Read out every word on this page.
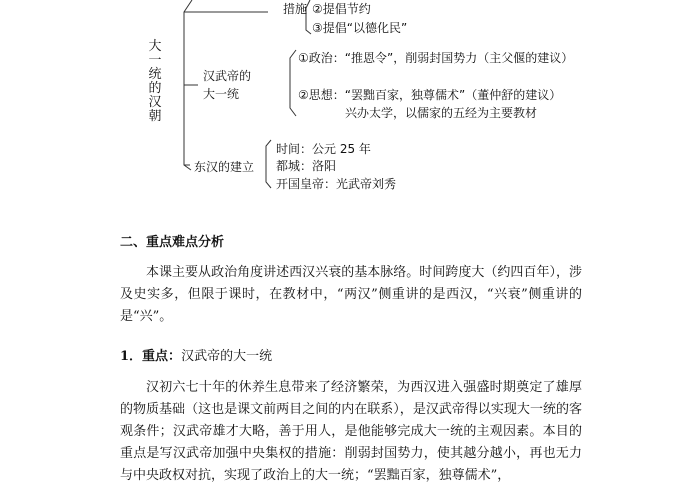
大一统的汉朝
措施 ②提倡节约
③提倡“以德化民”
汉武帝的
大一统
①政治：“推恩令”，削弱封国势力（主父偃的建议）
②思想：“罢黜百家，独尊儒术”（董仲舒的建议）
兴办太学，以儒家的五经为主要教材
东汉的建立
时间：公元 25 年
都城：洛阳
开国皇帝：光武帝刘秀
二、重点难点分析

本课主要从政治角度讲述西汉兴衰的基本脉络。时间跨度大（约四百年），涉及史实多，但限于课时，在教材中，“两汉”侧重讲的是西汉，“兴衰”侧重讲的是“兴”。

1．重点：汉武帝的大一统

汉初六七十年的休养生息带来了经济繁荣，为西汉进入强盛时期奠定了雄厚的物质基础（这也是课文前两目之间的内在联系），是汉武帝得以实现大一统的客观条件；汉武帝雄才大略，善于用人，是他能够完成大一统的主观因素。本目的重点是写汉武帝加强中央集权的措施：削弱封国势力，使其越分越小，再也无力与中央政权对抗，实现了政治上的大一统；“罢黜百家，独尊儒术”，
